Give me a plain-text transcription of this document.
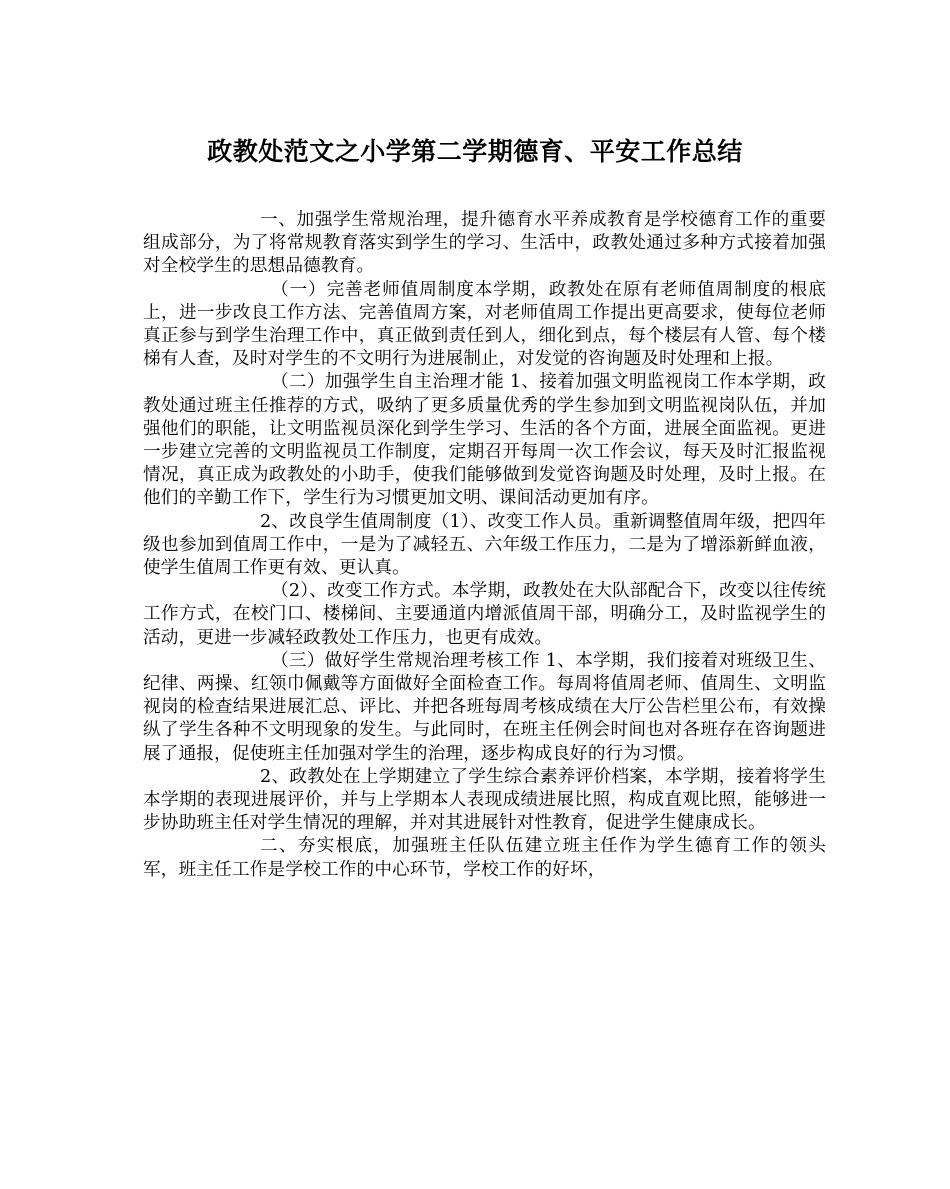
政教处范文之小学第二学期德育、平安工作总结

一、加强学生常规治理，提升德育水平养成教育是学校德育工作的重要组成部分，为了将常规教育落实到学生的学习、生活中，政教处通过多种方式接着加强对全校学生的思想品德教育。

（一）完善老师值周制度本学期，政教处在原有老师值周制度的根底上，进一步改良工作方法、完善值周方案，对老师值周工作提出更高要求，使每位老师真正参与到学生治理工作中，真正做到责任到人，细化到点，每个楼层有人管、每个楼梯有人查，及时对学生的不文明行为进展制止，对发觉的咨询题及时处理和上报。

（二）加强学生自主治理才能 1、接着加强文明监视岗工作本学期，政教处通过班主任推荐的方式，吸纳了更多质量优秀的学生参加到文明监视岗队伍，并加强他们的职能，让文明监视员深化到学生学习、生活的各个方面，进展全面监视。更进一步建立完善的文明监视员工作制度，定期召开每周一次工作会议，每天及时汇报监视情况，真正成为政教处的小助手，使我们能够做到发觉咨询题及时处理，及时上报。在他们的辛勤工作下，学生行为习惯更加文明、课间活动更加有序。

2、改良学生值周制度（1）、改变工作人员。重新调整值周年级，把四年级也参加到值周工作中，一是为了减轻五、六年级工作压力，二是为了增添新鲜血液，使学生值周工作更有效、更认真。

（2）、改变工作方式。本学期，政教处在大队部配合下，改变以往传统工作方式，在校门口、楼梯间、主要通道内增派值周干部，明确分工，及时监视学生的活动，更进一步减轻政教处工作压力，也更有成效。

（三）做好学生常规治理考核工作 1、本学期，我们接着对班级卫生、纪律、两操、红领巾佩戴等方面做好全面检查工作。每周将值周老师、值周生、文明监视岗的检查结果进展汇总、评比、并把各班每周考核成绩在大厅公告栏里公布，有效操纵了学生各种不文明现象的发生。与此同时，在班主任例会时间也对各班存在咨询题进展了通报，促使班主任加强对学生的治理，逐步构成良好的行为习惯。

2、政教处在上学期建立了学生综合素养评价档案，本学期，接着将学生本学期的表现进展评价，并与上学期本人表现成绩进展比照，构成直观比照，能够进一步协助班主任对学生情况的理解，并对其进展针对性教育，促进学生健康成长。

二、夯实根底，加强班主任队伍建立班主任作为学生德育工作的领头军，班主任工作是学校工作的中心环节，学校工作的好坏，
